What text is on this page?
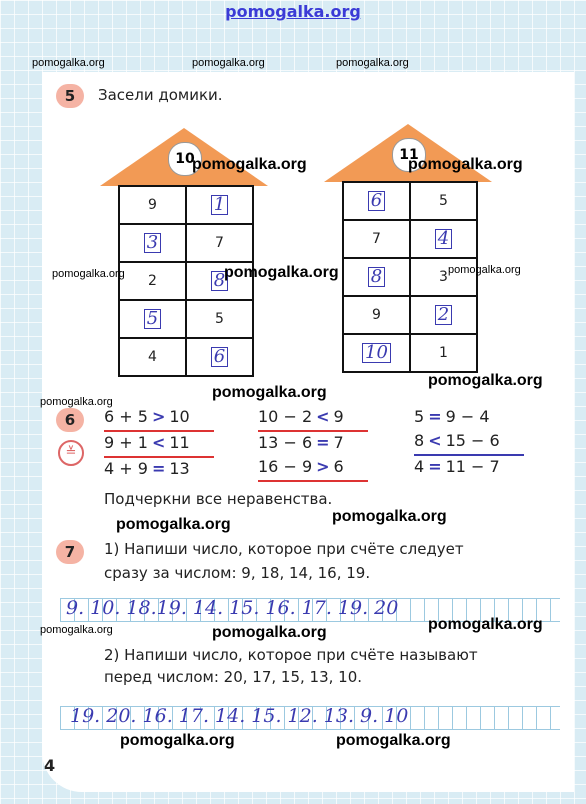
pomogalka.org
5	Засели домики.
10
9	1
3	7
2	8
5	5
4	6
11
6	5
7	4
8	3
9	2
10	1
6
≚
6 + 5 > 10
9 + 1 < 11
4 + 9 = 13
10 − 2 < 9
13 − 6 = 7
16 − 9 > 6
5 = 9 − 4
8 < 15 − 6
4 = 11 − 7
Подчеркни все неравенства.
7	1) Напиши число, которое при счёте следует
сразу за числом: 9, 18, 14, 16, 19.
9. 10. 18.19. 14. 15. 16. 17. 19. 20
2) Напиши число, которое при счёте называют
перед числом: 20, 17, 15, 13, 10.
19. 20. 16. 17. 14. 15. 12. 13. 9. 10
4
pomogalka.org	pomogalka.org	pomogalka.org
pomogalka.org	pomogalka.org
pomogalka.org	pomogalka.org	pomogalka.org
pomogalka.org
pomogalka.org
pomogalka.org
pomogalka.org	pomogalka.org
pomogalka.org	pomogalka.org	pomogalka.org
pomogalka.org	pomogalka.org
